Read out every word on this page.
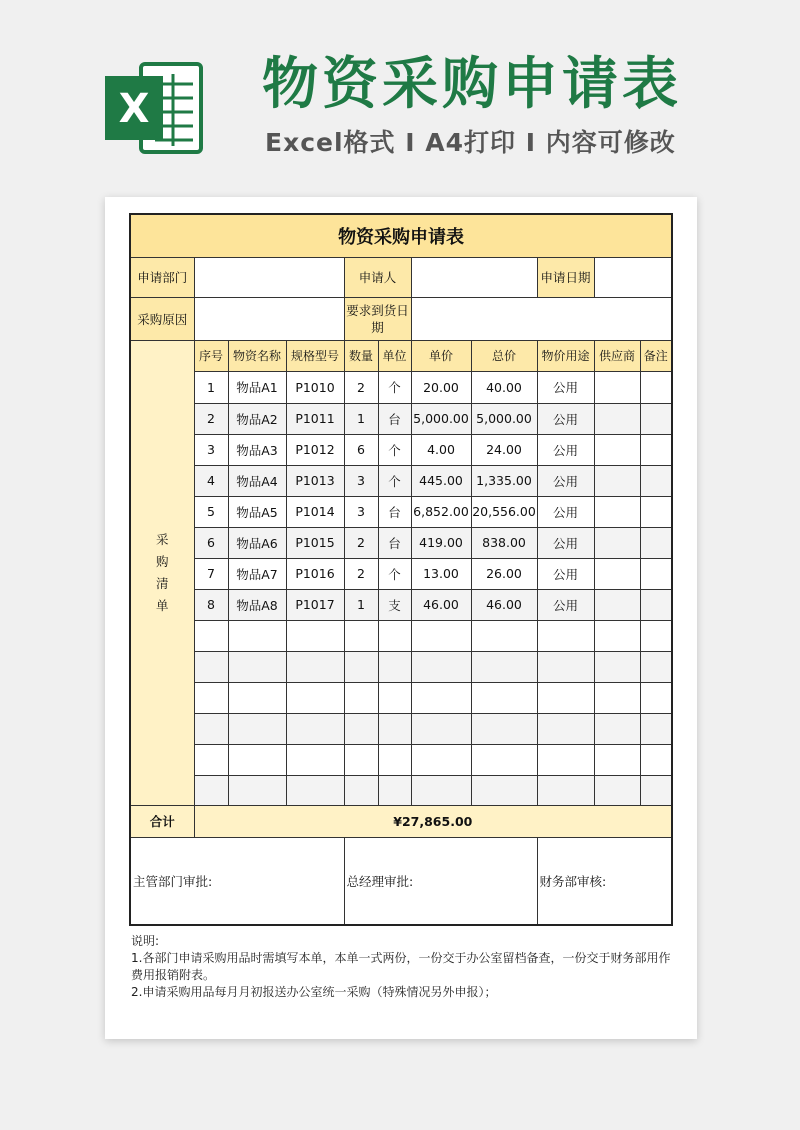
X 物资采购申请表
Excel格式 I A4打印 I 内容可修改
物资采购申请表										
申请部门				申请人				申请日期		
采购原因				要求到货日期						

采购清单	序号	物资名称	规格型号	数量	单位	单价	总价	物价用途	供应商	备注
	1	物品A1	P1010	2	个	20.00	40.00	公用		
	2	物品A2	P1011	1	台	5,000.00	5,000.00	公用		
	3	物品A3	P1012	6	个	4.00	24.00	公用		
	4	物品A4	P1013	3	个	445.00	1,335.00	公用		
	5	物品A5	P1014	3	台	6,852.00	20,556.00	公用		
	6	物品A6	P1015	2	台	419.00	838.00	公用		
	7	物品A7	P1016	2	个	13.00	26.00	公用		
	8	物品A8	P1017	1	支	46.00	46.00	公用		

合计	¥27,865.00									
主管部门审批:				总经理审批:				财务部审核:		
说明:
1.各部门申请采购用品时需填写本单，本单一式两份，一份交于办公室留档备查，一份交于财务部用作费用报销附表。
2.申请采购用品每月月初报送办公室统一采购（特殊情况另外申报）；
